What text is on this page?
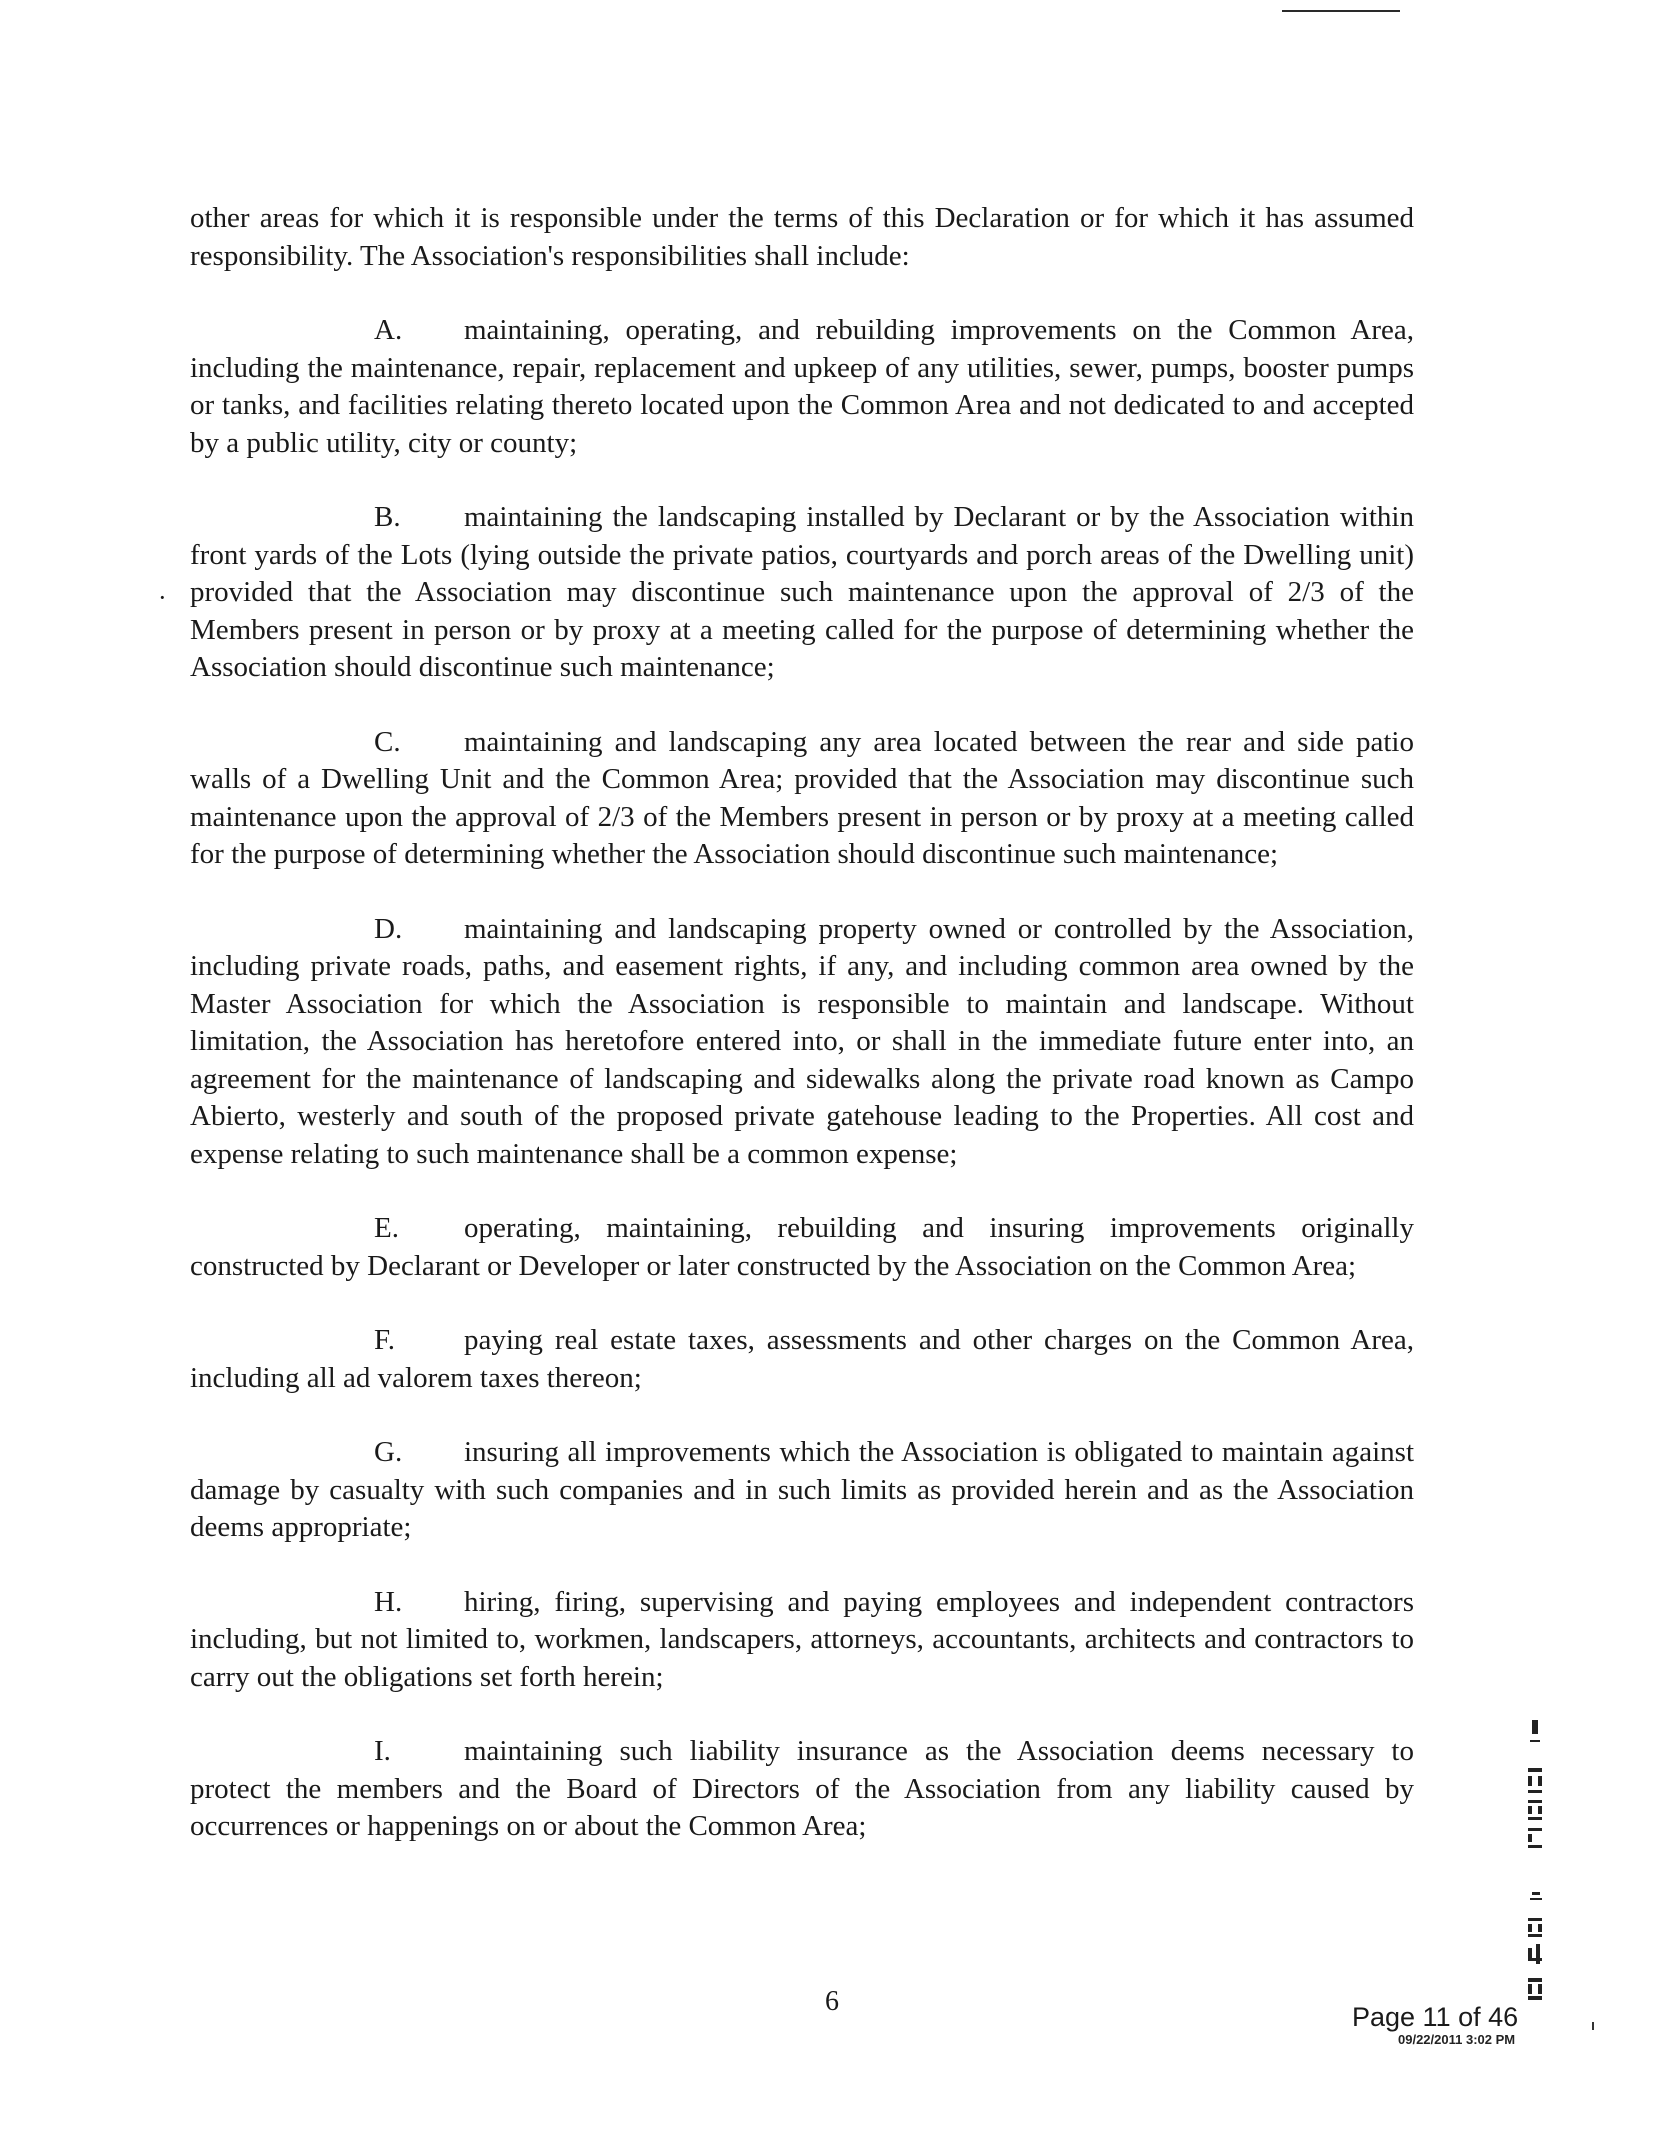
·

other areas for which it is responsible under the terms of this Declaration or for which it has assumed responsibility. The Association's responsibilities shall include:

A. maintaining, operating, and rebuilding improvements on the Common Area, including the maintenance, repair, replacement and upkeep of any utilities, sewer, pumps, booster pumps or tanks, and facilities relating thereto located upon the Common Area and not dedicated to and accepted by a public utility, city or county;

B. maintaining the landscaping installed by Declarant or by the Association within front yards of the Lots (lying outside the private patios, courtyards and porch areas of the Dwelling unit) provided that the Association may discontinue such maintenance upon the approval of 2/3 of the Members present in person or by proxy at a meeting called for the purpose of determining whether the Association should discontinue such maintenance;

C. maintaining and landscaping any area located between the rear and side patio walls of a Dwelling Unit and the Common Area; provided that the Association may discontinue such maintenance upon the approval of 2/3 of the Members present in person or by proxy at a meeting called for the purpose of determining whether the Association should discontinue such maintenance;

D. maintaining and landscaping property owned or controlled by the Association, including private roads, paths, and easement rights, if any, and including common area owned by the Master Association for which the Association is responsible to maintain and landscape. Without limitation, the Association has heretofore entered into, or shall in the immediate future enter into, an agreement for the maintenance of landscaping and sidewalks along the private road known as Campo Abierto, westerly and south of the proposed private gatehouse leading to the Properties. All cost and expense relating to such maintenance shall be a common expense;

E. operating, maintaining, rebuilding and insuring improvements originally constructed by Declarant or Developer or later constructed by the Association on the Common Area;

F. paying real estate taxes, assessments and other charges on the Common Area, including all ad valorem taxes thereon;

G. insuring all improvements which the Association is obligated to maintain against damage by casualty with such companies and in such limits as provided herein and as the Association deems appropriate;

H. hiring, firing, supervising and paying employees and independent contractors including, but not limited to, workmen, landscapers, attorneys, accountants, architects and contractors to carry out the obligations set forth herein;

I.	maintaining such liability insurance as the Association deems necessary to protect the members and the Board of Directors of the Association from any liability caused by occurrences or happenings on or about the Common Area;

6	Page 11 of 46
09/22/2011 3:02 PM
